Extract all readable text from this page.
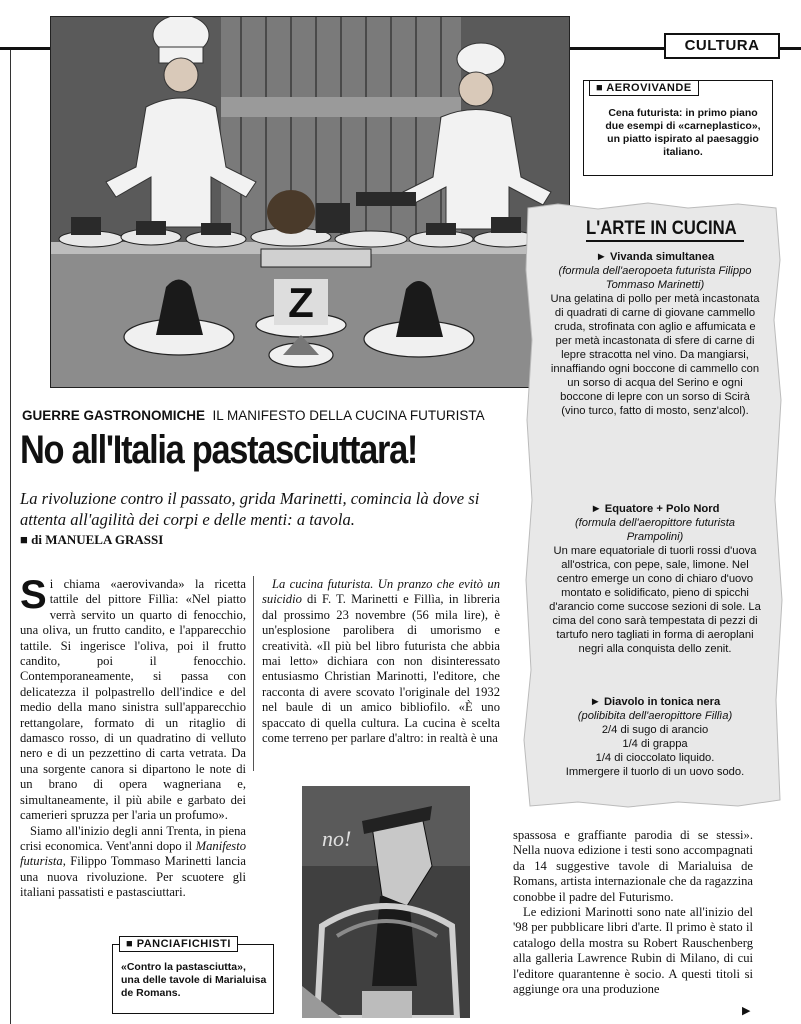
Z
CULTURA
■ AEROVIVANDE
Cena futurista: in primo piano due esempi di «carneplastico», un piatto ispirato al paesaggio italiano.
GUERRE GASTRONOMICHE IL MANIFESTO DELLA CUCINA FUTURISTA
No all'Italia pastasciuttara!
La rivoluzione contro il passato, grida Marinetti, comincia là dove si attenta all'agilità dei corpi e delle menti: a tavola.
■ di MANUELA GRASSI

Si chiama «aerovivanda» la ricetta tattile del pittore Fillìa: «Nel piatto verrà servito un quarto di fenocchio, una oliva, un frutto candito, e l'apparecchio tattile. Si ingerisce l'oliva, poi il frutto candito, poi il fenocchio. Contemporaneamente, si passa con delicatezza il polpastrello dell'indice e del medio della mano sinistra sull'apparecchio rettangolare, formato di un ritaglio di damasco rosso, di un quadratino di velluto nero e di un pezzettino di carta vetrata. Da una sorgente canora si dipartono le note di un brano di opera wagneriana e, simultaneamente, il più abile e garbato dei camerieri spruzza per l'aria un profumo».

Siamo all'inizio degli anni Trenta, in piena crisi economica. Vent'anni dopo il Manifesto futurista, Filippo Tommaso Marinetti lancia una nuova rivoluzione. Per scuotere gli italiani passatisti e pastasciuttari.

La cucina futurista. Un pranzo che evitò un suicidio di F. T. Marinetti e Fillìa, in libreria dal prossimo 23 novembre (56 mila lire), è un'esplosione parolibera di umorismo e creatività. «Il più bel libro futurista che abbia mai letto» dichiara con non disinteressato entusiasmo Christian Marinotti, l'editore, che racconta di avere scovato l'originale del 1932 nel baule di un amico bibliofilo. «È uno spaccato di quella cultura. La cucina è scelta come terreno per parlare d'altro: in realtà è una

no!
■ PANCIAFICHISTI
«Contro la pastasciutta», una delle tavole di Marialuisa de Romans.

spassosa e graffiante parodia di se stessi». Nella nuova edizione i testi sono accompagnati da 14 suggestive tavole di Marialuisa de Romans, artista internazionale che da ragazzina conobbe il padre del Futurismo.

Le edizioni Marinotti sono nate all'inizio del '98 per pubblicare libri d'arte. Il primo è stato il catalogo della mostra su Robert Rauschenberg alla galleria Lawrence Rubin di Milano, di cui l'editore quarantenne è socio. A questi titoli si aggiunge ora una produzione

▶
L'ARTE IN CUCINA
► Vivanda simultanea
(formula dell'aeropoeta futurista Filippo Tommaso Marinetti)
Una gelatina di pollo per metà incastonata di quadrati di carne di giovane cammello cruda, strofinata con aglio e affumicata e per metà incastonata di sfere di carne di lepre stracotta nel vino. Da mangiarsi, innaffiando ogni boccone di cammello con un sorso di acqua del Serino e ogni boccone di lepre con un sorso di Scirà (vino turco, fatto di mosto, senz'alcol).
► Equatore + Polo Nord
(formula dell'aeropittore futurista Prampolini)
Un mare equatoriale di tuorli rossi d'uova all'ostrica, con pepe, sale, limone. Nel centro emerge un cono di chiaro d'uovo montato e solidificato, pieno di spicchi d'arancio come succose sezioni di sole. La cima del cono sarà tempestata di pezzi di tartufo nero tagliati in forma di aeroplani negri alla conquista dello zenit.
► Diavolo in tonica nera
(polibibita dell'aeropittore Fillìa)
2/4 di sugo di arancio
1/4 di grappa
1/4 di cioccolato liquido.
Immergere il tuorlo di un uovo sodo.
